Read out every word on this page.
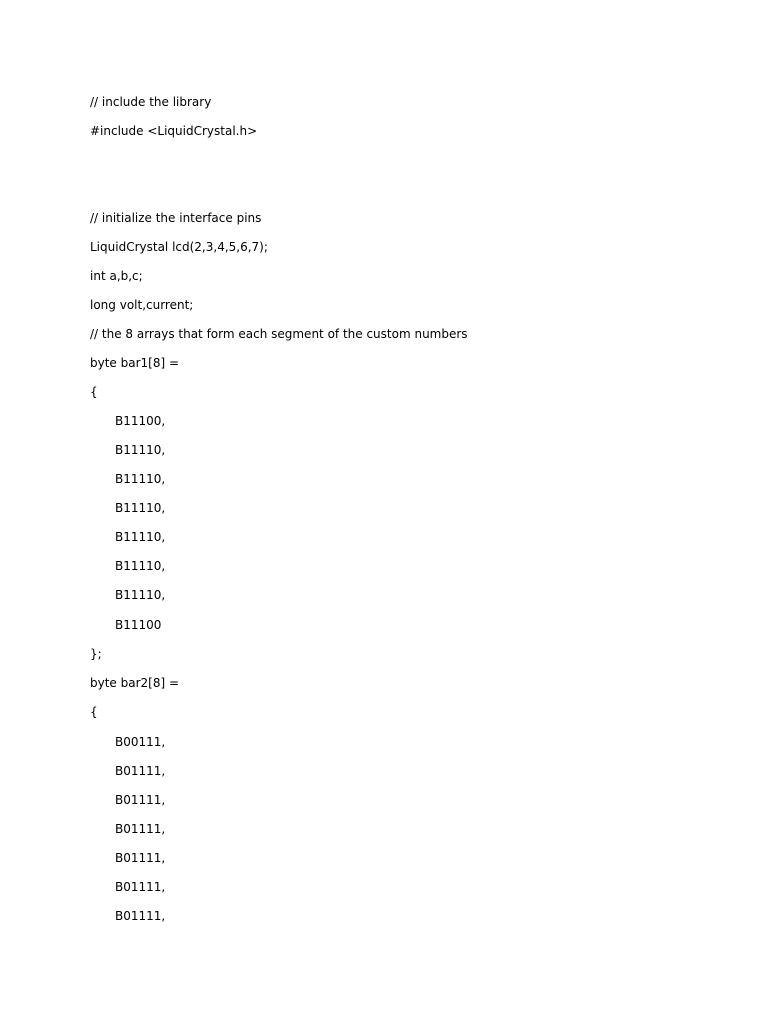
// include the library
#include <LiquidCrystal.h>
// initialize the interface pins
LiquidCrystal lcd(2,3,4,5,6,7);
int a,b,c;
long volt,current;
// the 8 arrays that form each segment of the custom numbers
byte bar1[8] =
{
B11100,
B11110,
B11110,
B11110,
B11110,
B11110,
B11110,
B11100
};
byte bar2[8] =
{
B00111,
B01111,
B01111,
B01111,
B01111,
B01111,
B01111,
